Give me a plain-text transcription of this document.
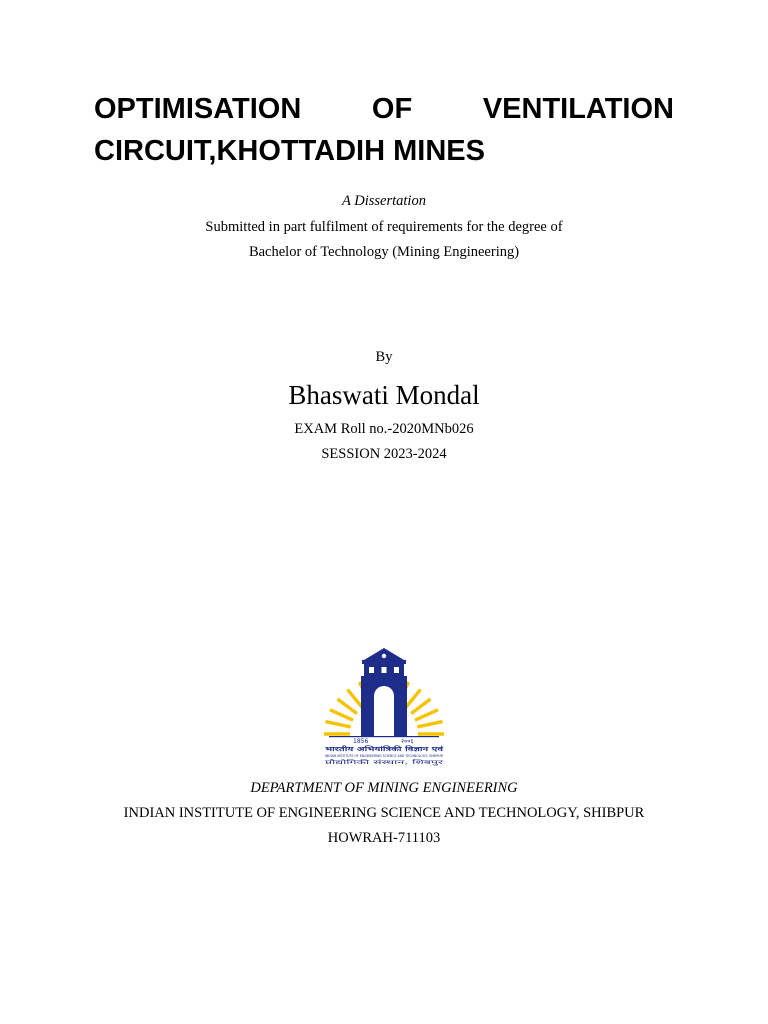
OPTIMISATION OF VENTILATION CIRCUIT,KHOTTADIH MINES

A Dissertation

Submitted in part fulfilment of requirements for the degree of

Bachelor of Technology (Mining Engineering)

By

Bhaswati Mondal

EXAM Roll no.-2020MNb026

SESSION 2023-2024

1856	२००६
भारतीय अभियांत्रिकी विज्ञान एवं
INDIAN INSTITUTE OF ENGINEERING SCIENCE AND TECHNOLOGY, SHIBPUR
प्रौद्योगिकी संस्थान, शिबपुर

DEPARTMENT OF MINING ENGINEERING

INDIAN INSTITUTE OF ENGINEERING SCIENCE AND TECHNOLOGY, SHIBPUR

HOWRAH-711103
